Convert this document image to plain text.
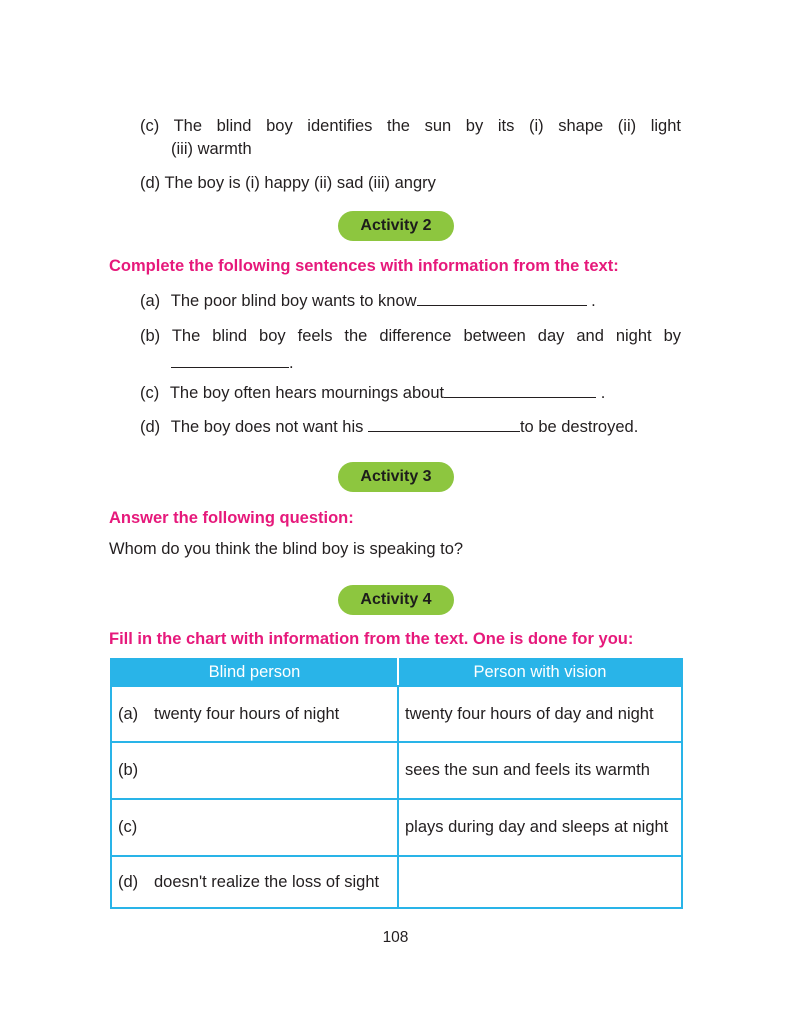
(c) The blind boy identifies the sun by its (i) shape (ii) light
(iii) warmth
(d) The boy is (i) happy (ii) sad (iii) angry
Activity 2
Complete the following sentences with information from the text:
(a) The poor blind boy wants to know	.
(b) The blind boy feels the difference between day and night by
.
(c) The boy often hears mournings about	.
(d) The boy does not want his	to be destroyed.
Activity 3
Answer the following question:
Whom do you think the blind boy is speaking to?
Activity 4
Fill in the chart with information from the text. One is done for you:
Blind person	Person with vision
(a) twenty four hours of night	twenty four hours of day and night
(b)	sees the sun and feels its warmth
(c)	plays during day and sleeps at night
(d) doesn't realize the loss of sight	
108
